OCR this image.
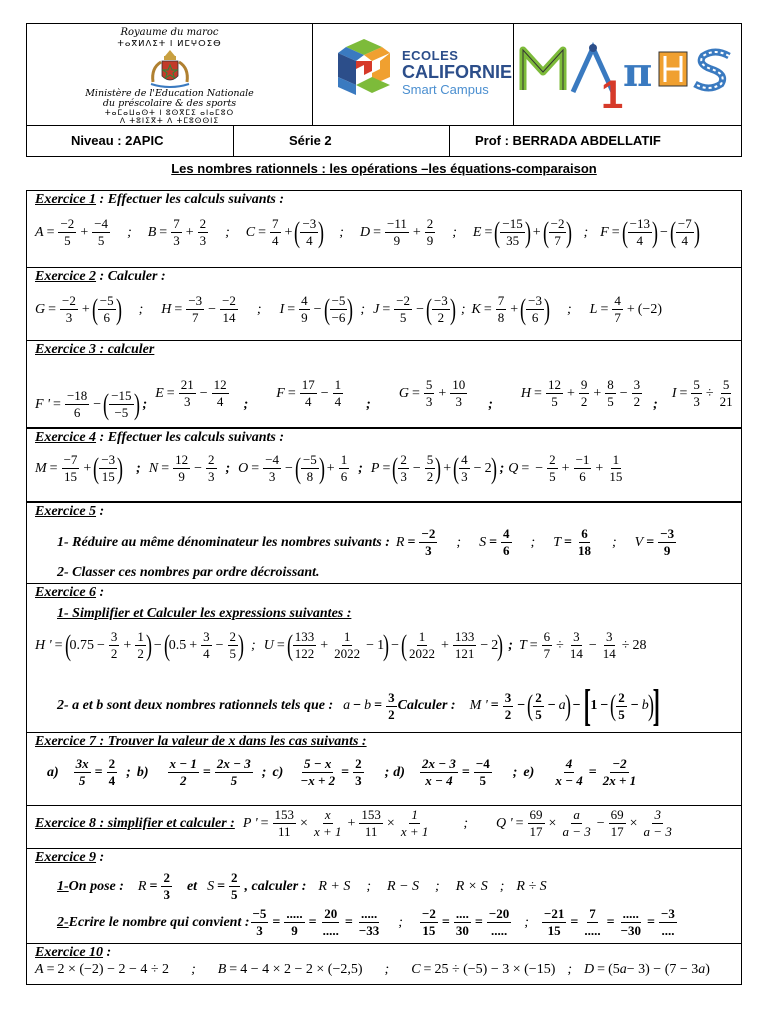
Royaume du maroc
ⵜⴰⴳⵍⴷⵉⵜ ⵏ ⵍⵎⵖⵔⵉⴱ
Ministère de l'Education Nationale
du préscolaire & des sports
ⵜⴰⵎⴰⵡⴰⵙⵜ ⵏ ⵓⵙⴳⵎⵉ ⴰⵏⴰⵎⵓⵔ
ⴷ ⵜⵓⵏⵉⴳⵜ ⴷ ⵜⵎⵓⵙⵙⵏⵉ
ECOLES
CALIFORNIE
Smart Campus	1 π
MATHS
Niveau : 2APIC	Série 2	Prof : BERRADA ABDELLATIF
Les nombres rationnels : les opérations –les équations-comparaison
Exercice 1 : Effectuer les calculs suivants :
$A = \frac{-2}{5} + \frac{-4}{5}$ ; $B = \frac{7}{3} + \frac{2}{3}$ ; $C = \frac{7}{4}$ + ( −3
4 ) ; $D = \frac{-11}{9} + \frac{2}{9}$ ; E = ( −15
35 ) + ( −2
7 ) ; F = ( −13
4 ) − ( −7
4 )
Exercice 2 : Calculer :
$G = \frac{-2}{3}$ + ( −5
6 ) ; $H = \frac{-3}{7} - \frac{-2}{14}$ ; $I = \frac{4}{9}$ − ( −5
−6 ) ; $J = \frac{-2}{5}$ − ( −3
2 ) ; $K = \frac{7}{8}$ + ( −3
6 ) ; $L = \frac{4}{7} + (-2)$
Exercice 3 : calculer
F ' = $\frac{-18}{6}$ − ( −15
−5 ) ;
$E = \frac{21}{3} - \frac{12}{4}$ ;
$F = \frac{17}{4} - \frac{1}{4}$ ;
$G = \frac{5}{3} + \frac{10}{3}$ ;
$H = \frac{12}{5} + \frac{9}{2} + \frac{8}{5} - \frac{3}{2}$ ;
$I = \frac{5}{3} \div \frac{5}{21}$
Exercice 4 : Effectuer les calculs suivants :
$M = \frac{-7}{15}$ + ( −3
15 ) ; $N = \frac{12}{9} - \frac{2}{3}$ ; $O = \frac{-4}{3}$ − ( −5
8 ) + $\frac{1}{6}$ ; P = ( 2
3
− $\frac{5}{2}$ ) + ( 4
3
− 2 ) ; Q = − $\frac{2}{5} + \frac{-1}{6} + \frac{1}{15}$
Exercice 5 :
1- Réduire au même dénominateur les nombres suivants : $R = \frac{-2}{3}$ ; $S = \frac{4}{6}$ ; $T = \frac{6}{18}$ ; $V = \frac{-3}{9}$
2- Classer ces nombres par ordre décroissant.
Exercice 6 :
1- Simplifier et Calculer les expressions suivantes :
H ' = ( $0.75 - \frac{3}{2} + \frac{1}{2}$ ) − ( $0.5 + \frac{3}{4} - \frac{2}{5}$ ) ; U = ( 133
122
+ $\frac{1}{2022} - 1$ ) − ( 1
2022
+ $\frac{133}{121} - 2$ ) ; $T = \frac{6}{7} \div \frac{3}{14} - \frac{3}{14} \div 28$
2- a et b sont deux nombres rationnels tels que : $a - b = \frac{3}{2}$ Calculer : M ' = $\frac{3}{2}$ − ( 2
5
− a ) − [ 1 − ( 2
5
− b )
]
Exercice 7 : Trouver la valeur de x dans les cas suivants :
$a) \frac{3x}{5} = \frac{2}{4}$ ; $b) \frac{x - 1}{2} = \frac{2x - 3}{5}$ ; $c) \frac{5 - x}{-x + 2} = \frac{2}{3}$ ; $d) \frac{2x - 3}{x - 4} = \frac{-4}{5}$ ; $e) \frac{4}{x - 4} = \frac{-2}{2x + 1}$
Exercice 8 : simplifier et calculer : P ' = $\frac{153}{11} \times \frac{x}{x + 1} + \frac{153}{11} \times \frac{1}{x + 1}$ ; Q ' = $\frac{69}{17} \times \frac{a}{a - 3} - \frac{69}{17} \times \frac{3}{a - 3}$
Exercice 9 :
1- On pose : $R = \frac{2}{3}$ et $S = \frac{2}{5}$ , calculer : R + S ; R − S ; R × S ; R ÷ S
2- Ecrire le nombre qui convient : $\frac{-5}{3}$ =
.....
9
=
20
.....
=
.....
−33
; $\frac{-2}{15}$ =
....
30
=
−20
.....
; $\frac{-21}{15}$ =
7
.....
=
.....
−30
=
−3
....
Exercice 10 :
A = 2 × (−2) − 2 − 4 ÷ 2 ; B = 4 − 4 × 2 − 2 × (−2,5) ; C = 25 ÷ (−5) − 3 × (−15) ; D = (5 a − 3) − (7 − 3 a )
